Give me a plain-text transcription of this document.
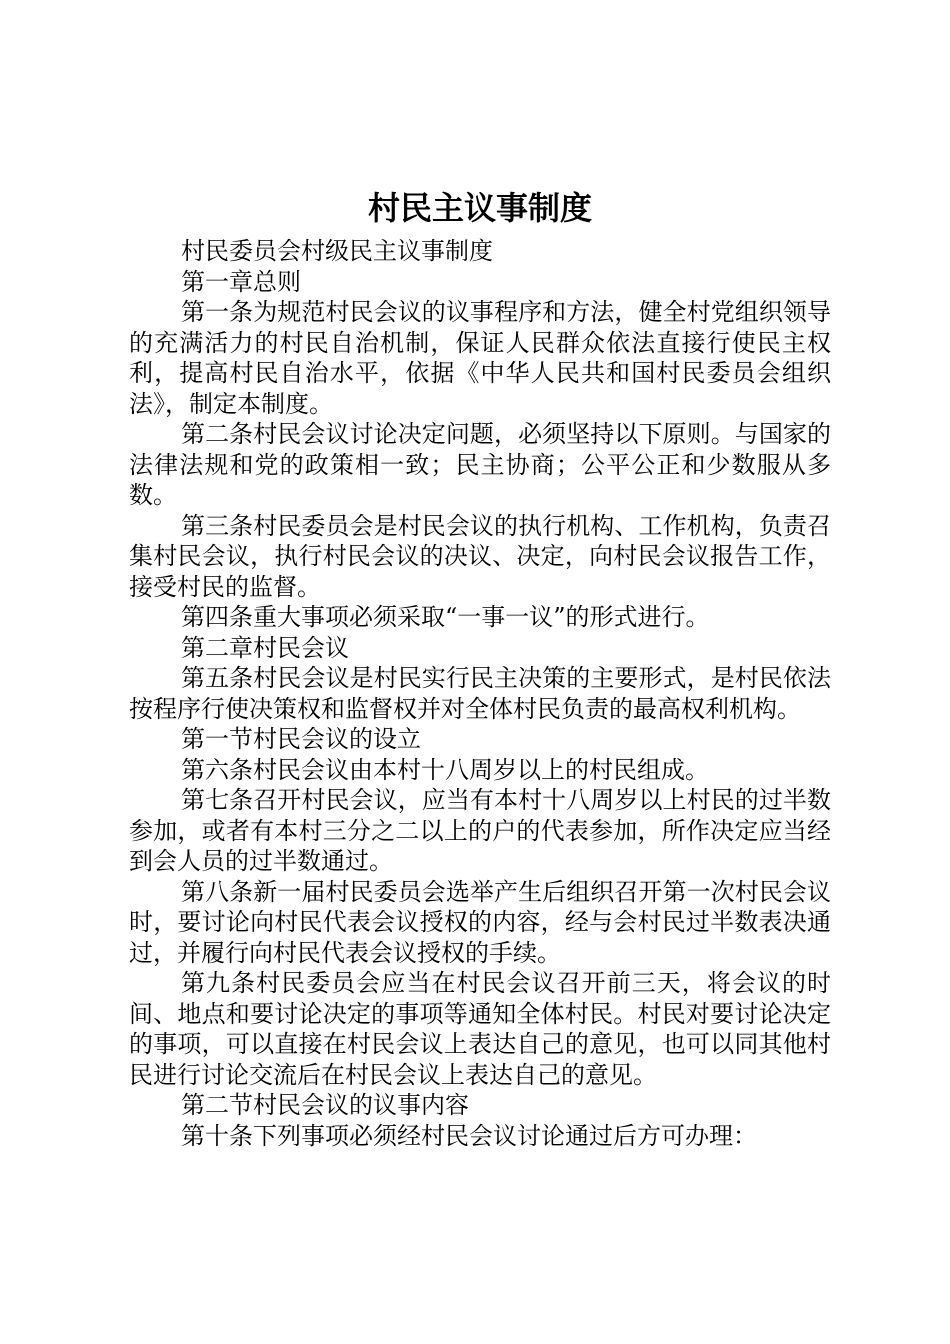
村民主议事制度

村民委员会村级民主议事制度

第一章总则

第一条为规范村民会议的议事程序和方法，健全村党组织领导的充满活力的村民自治机制，保证人民群众依法直接行使民主权利，提高村民自治水平，依据《中华人民共和国村民委员会组织法》，制定本制度。

第二条村民会议讨论决定问题，必须坚持以下原则。与国家的法律法规和党的政策相一致；民主协商；公平公正和少数服从多数。

第三条村民委员会是村民会议的执行机构、工作机构，负责召集村民会议，执行村民会议的决议、决定，向村民会议报告工作，接受村民的监督。

第四条重大事项必须采取“一事一议”的形式进行。

第二章村民会议

第五条村民会议是村民实行民主决策的主要形式，是村民依法按程序行使决策权和监督权并对全体村民负责的最高权利机构。

第一节村民会议的设立

第六条村民会议由本村十八周岁以上的村民组成。

第七条召开村民会议，应当有本村十八周岁以上村民的过半数参加，或者有本村三分之二以上的户的代表参加，所作决定应当经到会人员的过半数通过。

第八条新一届村民委员会选举产生后组织召开第一次村民会议时，要讨论向村民代表会议授权的内容，经与会村民过半数表决通过，并履行向村民代表会议授权的手续。

第九条村民委员会应当在村民会议召开前三天，将会议的时间、地点和要讨论决定的事项等通知全体村民。村民对要讨论决定的事项，可以直接在村民会议上表达自己的意见，也可以同其他村民进行讨论交流后在村民会议上表达自己的意见。

第二节村民会议的议事内容

第十条下列事项必须经村民会议讨论通过后方可办理：
